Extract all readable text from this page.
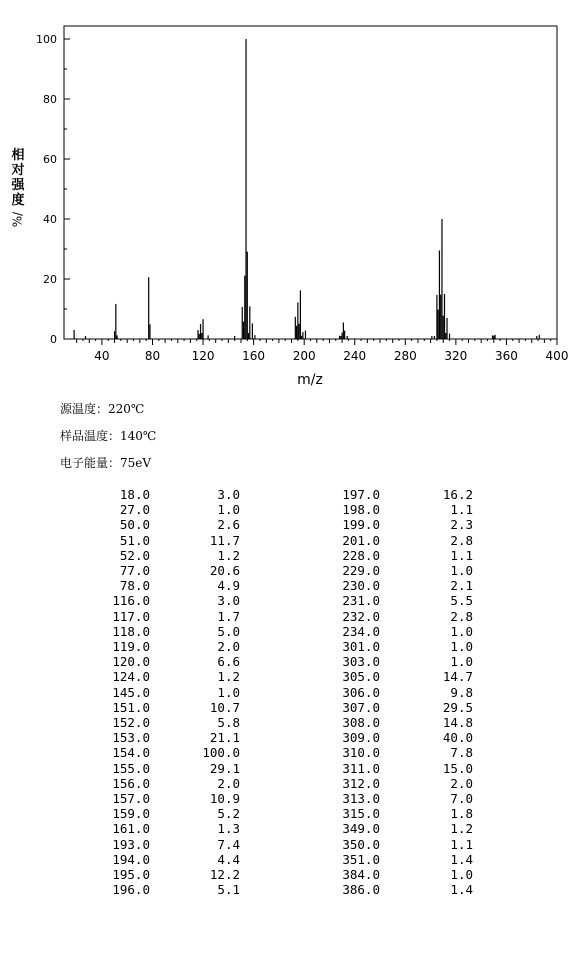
0
20
40
60
80
100
40	80	120 160 200 240 280 320 360 400
m/z
相
对
强
度
%/
源温度：220℃
样品温度：140℃
电子能量：75eV
18.0	3.0	197.0	16.2
27.0	1.0	198.0	1.1
50.0	2.6	199.0	2.3
51.0	11.7	201.0	2.8
52.0	1.2	228.0	1.1
77.0	20.6	229.0	1.0
78.0	4.9	230.0	2.1
116.0	3.0	231.0	5.5
117.0	1.7	232.0	2.8
118.0	5.0	234.0	1.0
119.0	2.0	301.0	1.0
120.0	6.6	303.0	1.0
124.0	1.2	305.0	14.7
145.0	1.0	306.0	9.8
151.0	10.7	307.0	29.5
152.0	5.8	308.0	14.8
153.0	21.1	309.0	40.0
154.0	100.0	310.0	7.8
155.0	29.1	311.0	15.0
156.0	2.0	312.0	2.0
157.0	10.9	313.0	7.0
159.0	5.2	315.0	1.8
161.0	1.3	349.0	1.2
193.0	7.4	350.0	1.1
194.0	4.4	351.0	1.4
195.0	12.2	384.0	1.0
196.0	5.1	386.0	1.4
